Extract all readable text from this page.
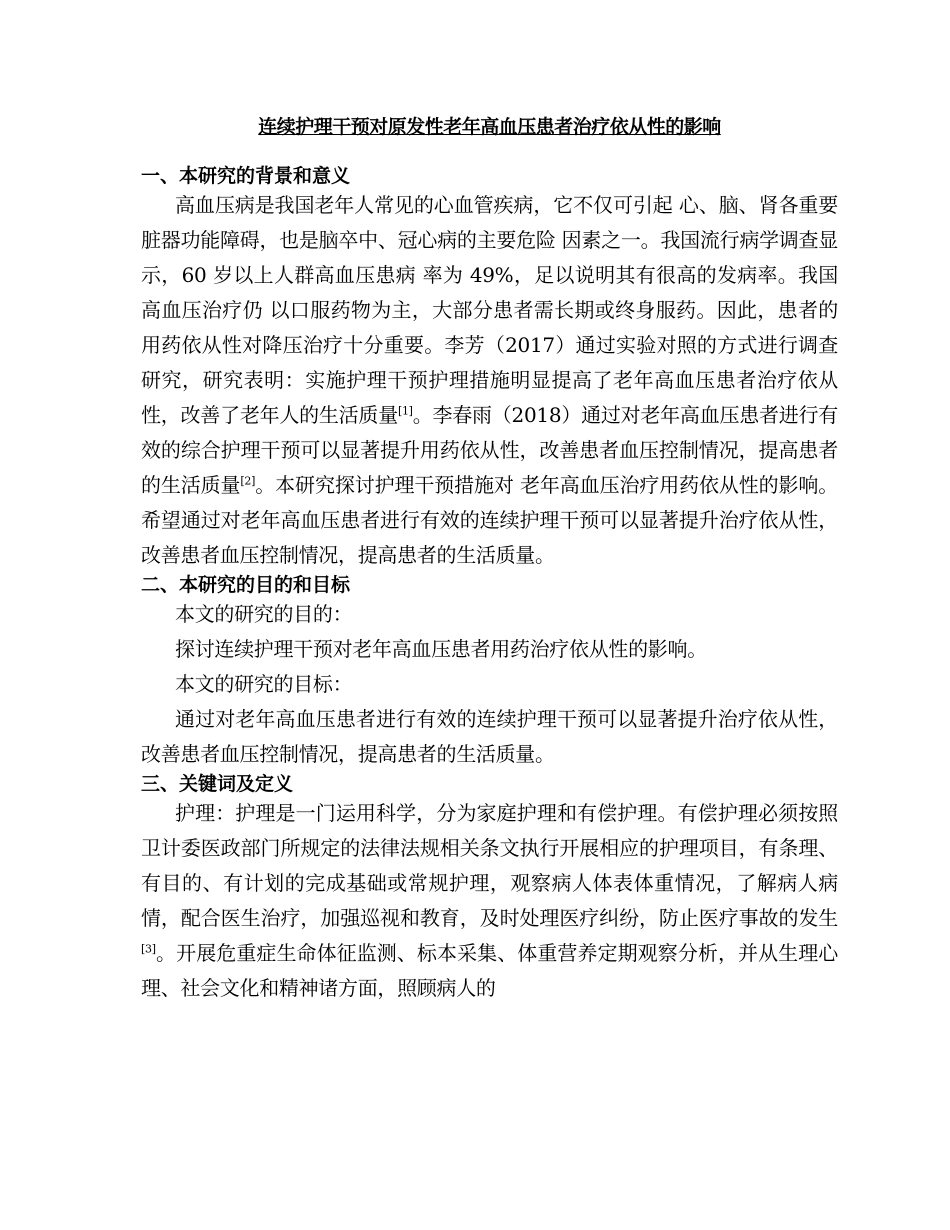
连续护理干预对原发性老年高血压患者治疗依从性的影响

一、本研究的背景和意义

高血压病是我国老年人常见的心血管疾病，它不仅可引起 心、脑、肾各重要脏器功能障碍，也是脑卒中、冠心病的主要危险 因素之一。我国流行病学调查显示，60 岁以上人群高血压患病 率为 49%，足以说明其有很高的发病率。我国高血压治疗仍 以口服药物为主，大部分患者需长期或终身服药。因此，患者的 用药依从性对降压治疗十分重要。李芳（2017）通过实验对照的方式进行调查研究，研究表明：实施护理干预护理措施明显提高了老年高血压患者治疗依从性，改善了老年人的生活质量[1]。李春雨（2018）通过对老年高血压患者进行有效的综合护理干预可以显著提升用药依从性，改善患者血压控制情况，提高患者的生活质量[2]。本研究探讨护理干预措施对 老年高血压治疗用药依从性的影响。希望通过对老年高血压患者进行有效的连续护理干预可以显著提升治疗依从性，改善患者血压控制情况，提高患者的生活质量。

二、本研究的目的和目标

本文的研究的目的：

探讨连续护理干预对老年高血压患者用药治疗依从性的影响。

本文的研究的目标：

通过对老年高血压患者进行有效的连续护理干预可以显著提升治疗依从性，改善患者血压控制情况，提高患者的生活质量。

三、关键词及定义

护理：护理是一门运用科学，分为家庭护理和有偿护理。有偿护理必须按照卫计委医政部门所规定的法律法规相关条文执行开展相应的护理项目，有条理、有目的、有计划的完成基础或常规护理，观察病人体表体重情况，了解病人病情，配合医生治疗，加强巡视和教育，及时处理医疗纠纷，防止医疗事故的发生[3]。开展危重症生命体征监测、标本采集、体重营养定期观察分析，并从生理心理、社会文化和精神诸方面，照顾病人的
